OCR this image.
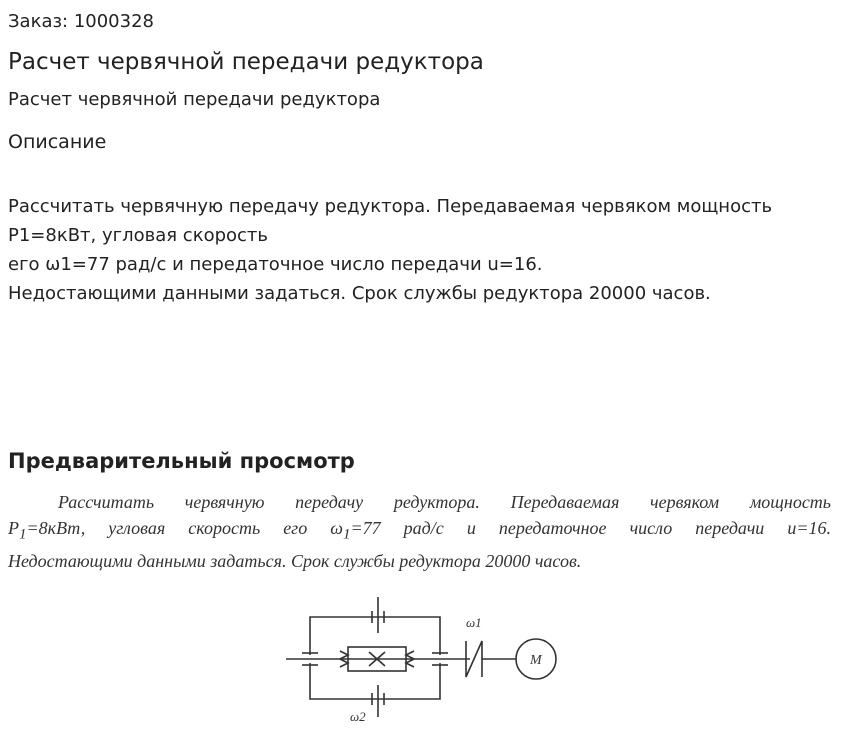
Заказ: 1000328
Расчет червячной передачи редуктора
Расчет червячной передачи редуктора
Описание
Рассчитать червячную передачу редуктора. Передаваемая червяком мощность
P1=8кВт, угловая скорость
его ω1=77 рад/с и передаточное число передачи u=16.
Недостающими данными задаться. Срок службы редуктора 20000 часов.
Предварительный просмотр
Рассчитать червячную передачу редуктора. Передаваемая червяком мощность
$P_1=8кВт$, угловая скорость его $\omega_1=77$ рад/с и передаточное число передачи u=16.
Недостающими данными задаться. Срок службы редуктора 20000 часов.
ω1
ω2
M
